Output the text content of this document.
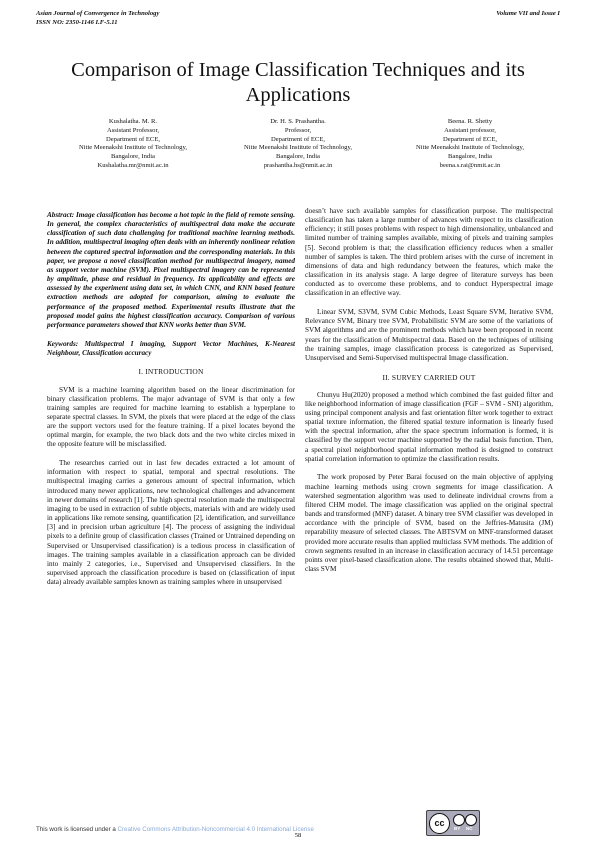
Asian Journal of Convergence in Technology
ISSN NO: 2350-1146 I.F-5.11
Volume VII and Issue I
Comparison of Image Classification Techniques and its Applications
Kushalatha. M. R.
Assistant Professor,
Department of ECE,
Nitte Meenakshi Institute of Technology,
Bangalore, India
Kushalatha.mr@nmit.ac.in
Dr. H. S. Prashantha.
Professor,
Department of ECE,
Nitte Meenakshi Institute of Technology,
Bangalore, India
prashantha.hs@nmit.ac.in
Beena. R. Shetty
Assistant professor,
Department of ECE,
Nitte Meenakshi Institute of Technology,
Bangalore, India
beena.s.rai@nmit.ac.in

Abstract: Image classification has become a hot topic in the field of remote sensing. In general, the complex characteristics of multispectral data make the accurate classification of such data challenging for traditional machine learning methods. In addition, multispectral imaging often deals with an inherently nonlinear relation between the captured spectral information and the corresponding materials. In this paper, we propose a novel classification method for multispectral imagery, named as support vector machine (SVM). Pixel multispectral imagery can be represented by amplitude, phase and residual in frequency. Its applicability and effects are assessed by the experiment using data set, in which CNN, and KNN based feature extraction methods are adopted for comparison, aiming to evaluate the performance of the proposed method. Experimental results illustrate that the proposed model gains the highest classification accuracy. Comparison of various performance parameters showed that KNN works better than SVM.

Keywords: Multispectral I imaging, Support Vector Machines, K-Nearest Neighbour, Classification accuracy

I. INTRODUCTION

SVM is a machine learning algorithm based on the linear discrimination for binary classification problems. The major advantage of SVM is that only a few training samples are required for machine learning to establish a hyperplane to separate spectral classes. In SVM, the pixels that were placed at the edge of the class are the support vectors used for the feature training. If a pixel locates beyond the optimal margin, for example, the two black dots and the two white circles mixed in the opposite feature will be misclassified.

The researches carried out in last few decades extracted a lot amount of information with respect to spatial, temporal and spectral resolutions. The multispectral imaging carries a generous amount of spectral information, which introduced many newer applications, new technological challenges and advancement in newer domains of research [1]. The high spectral resolution made the multispectral imaging to be used in extraction of subtle objects, materials with and are widely used in applications like remote sensing, quantification [2], identification, and surveillance [3] and in precision urban agriculture [4]. The process of assigning the individual pixels to a definite group of classification classes (Trained or Untrained depending on Supervised or Unsupervised classification) is a tedious process in classification of images. The training samples available in a classification approach can be divided into mainly 2 categories, i.e., Supervised and Unsupervised classifiers. In the supervised approach the classification procedure is based on (classification of input data) already available samples known as training samples where in unsupervised

doesn’t have such available samples for classification purpose. The multispectral classification has taken a large number of advances with respect to its classification efficiency; it still poses problems with respect to high dimensionality, unbalanced and limited number of training samples available, mixing of pixels and training samples [5]. Second problem is that; the classification efficiency reduces when a smaller number of samples is taken. The third problem arises with the curse of increment in dimensions of data and high redundancy between the features, which make the classification in its analysis stage. A large degree of literature surveys has been conducted as to overcome these problems, and to conduct Hyperspectral image classification in an effective way.

Linear SVM, S3VM, SVM Cubic Methods, Least Square SVM, Iterative SVM, Relevance SVM, Binary tree SVM, Probabilistic SVM are some of the variations of SVM algorithms and are the prominent methods which have been proposed in recent years for the classification of Multispectral data. Based on the techniques of utilising the training samples, image classification process is categorized as Supervised, Unsupervised and Semi-Supervised multispectral Image classification.

II. SURVEY CARRIED OUT

Chunyu Hu(2020) proposed a method which combined the fast guided filter and like neighborhood information of image classification (FGF – SVM - SNI) algorithm, using principal component analysis and fast orientation filter work together to extract spatial texture information, the filtered spatial texture information is linearly fused with the spectral information, after the space spectrum information is formed, it is classified by the support vector machine supported by the radial basis function. Then, a spectral pixel neighborhood spatial information method is designed to construct spatial correlation information to optimize the classification results.

The work proposed by Peter Barai focused on the main objective of applying machine learning methods using crown segments for image classification. A watershed segmentation algorithm was used to delineate individual crowns from a filtered CHM model. The image classification was applied on the original spectral bands and transformed (MNF) dataset. A binary tree SVM classifier was developed in accordance with the principle of SVM, based on the Jeffries-Matusita (JM) reparability measure of selected classes. The ABTSVM on MNF-transformed dataset provided more accurate results than applied multiclass SVM methods. The addition of crown segments resulted in an increase in classification accuracy of 14.51 percentage points over pixel-based classification alone. The results obtained showed that, Multi-class SVM

This work is licensed under a Creative Commons Attribution-Noncommercial 4.0 International License
cc
BY NC
58
